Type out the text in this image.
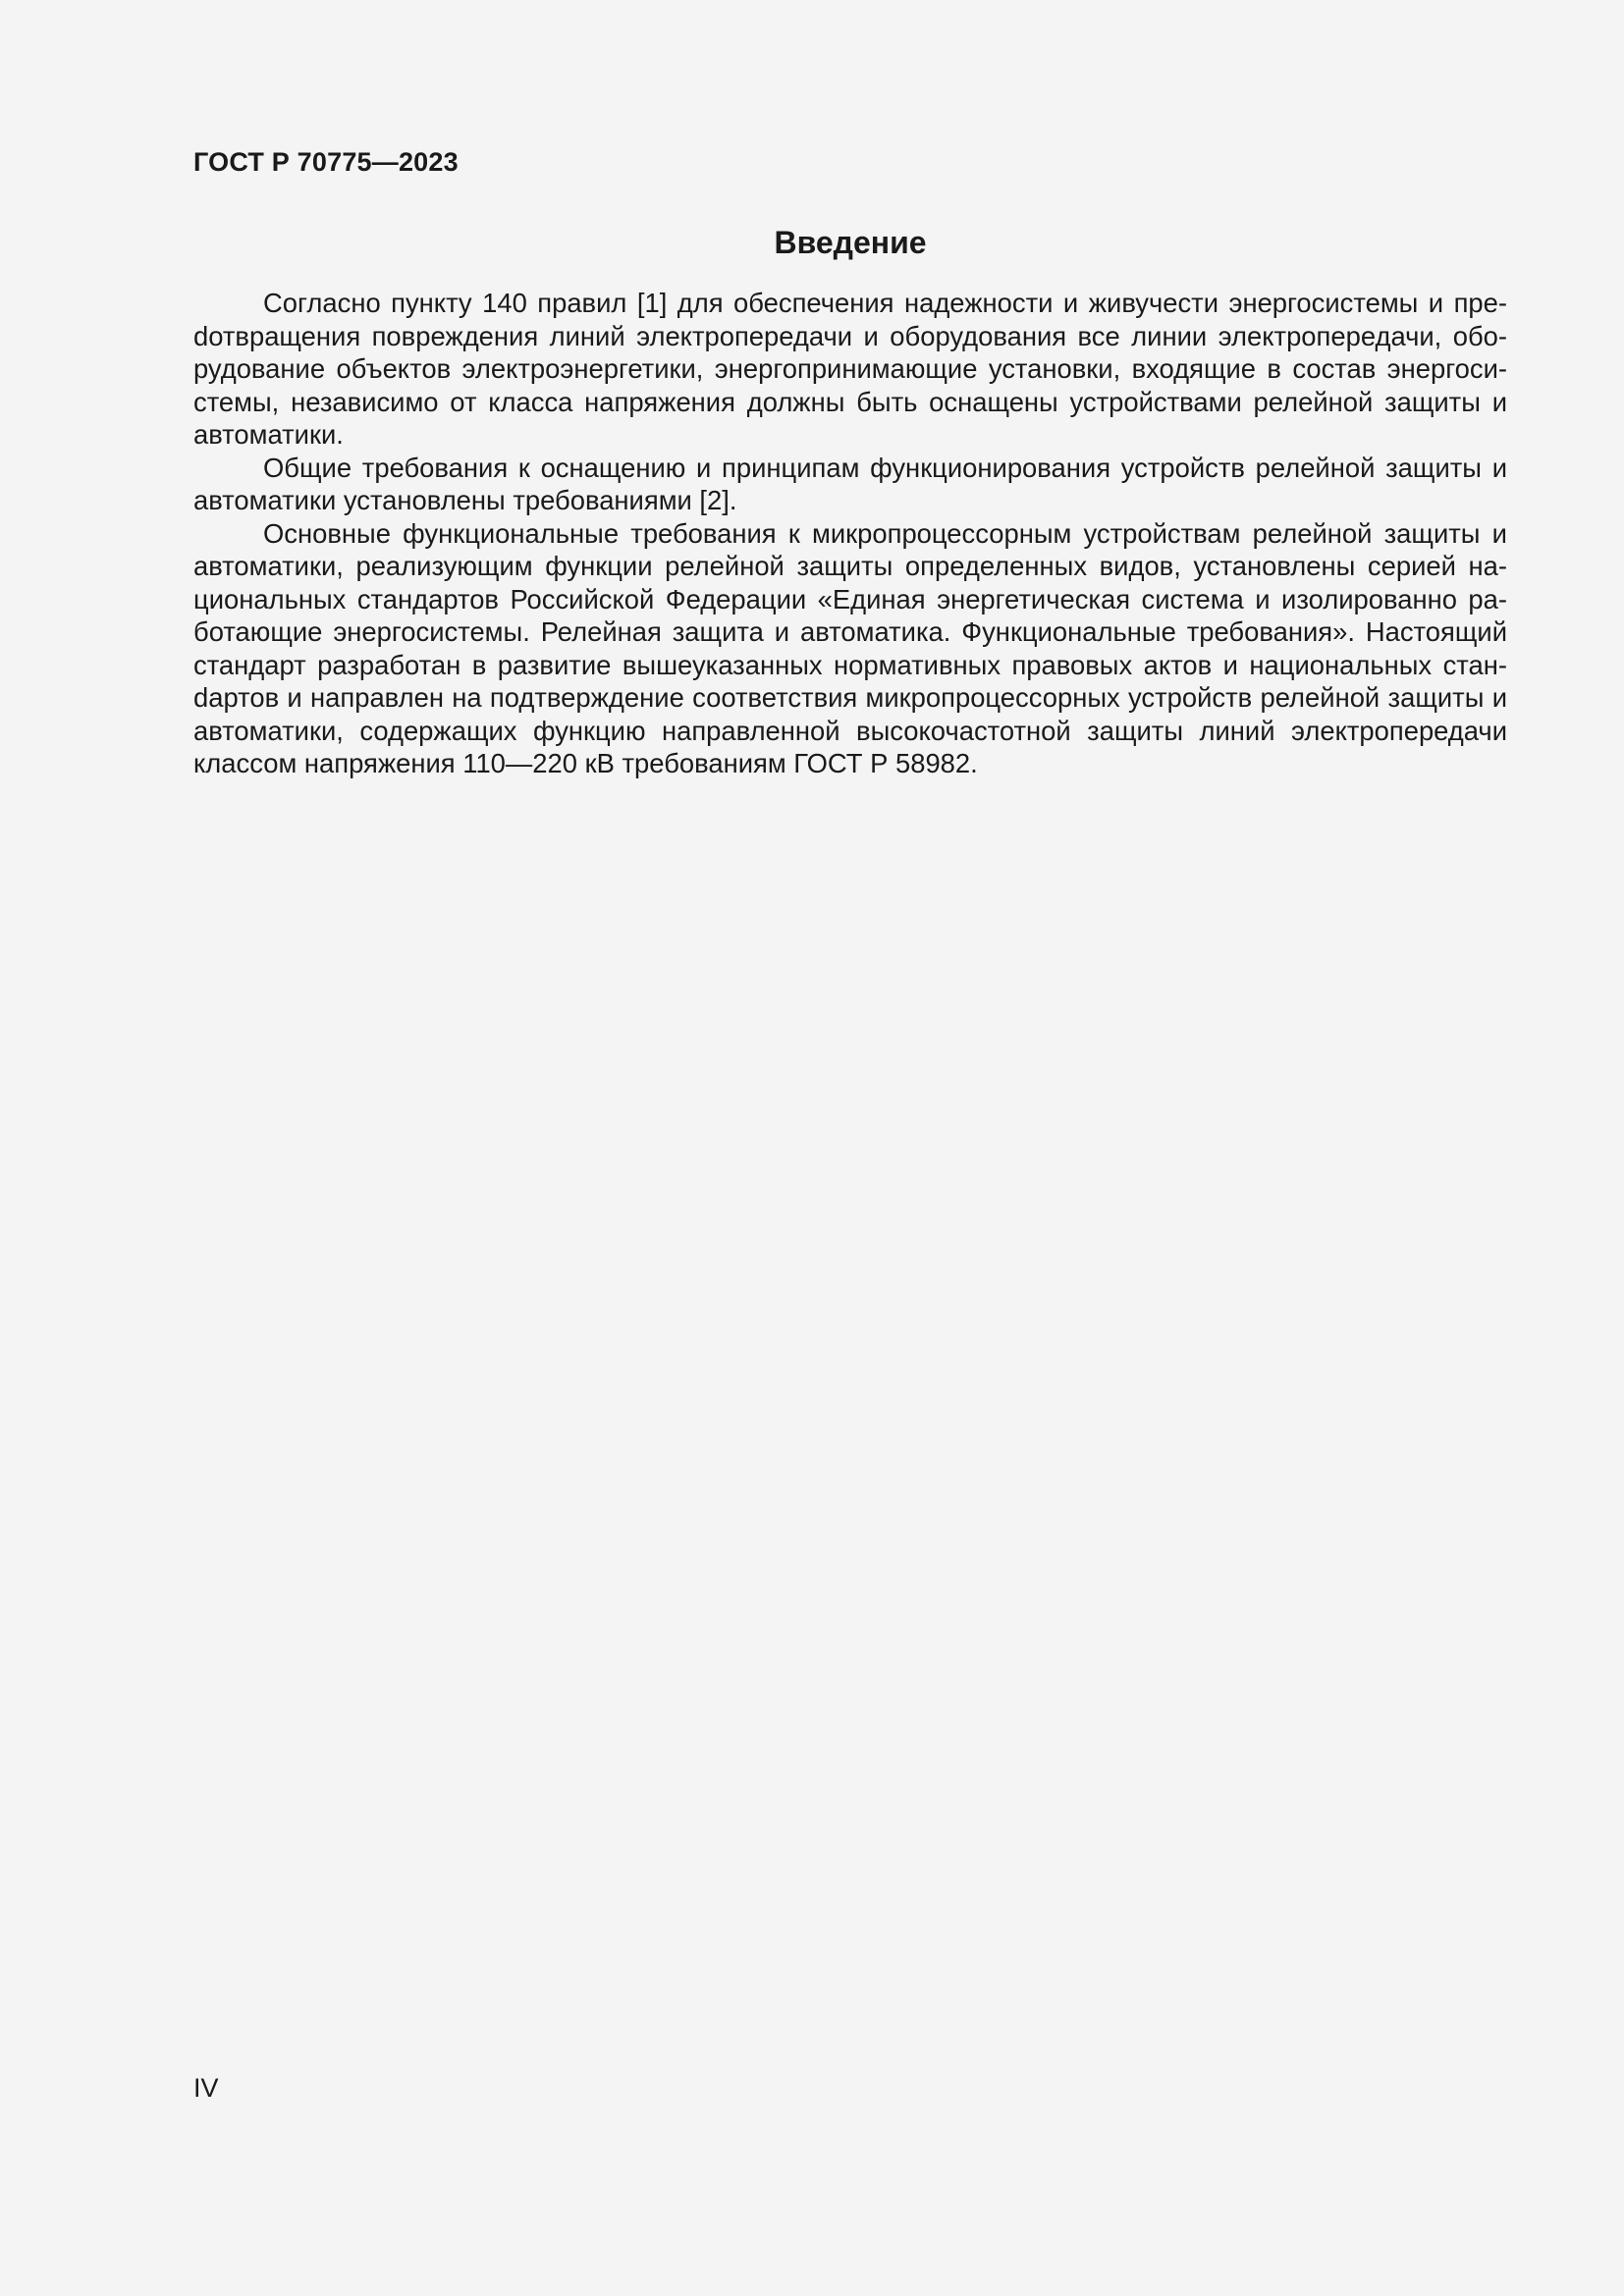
ГОСТ Р 70775—2023
Введение

Согласно пункту 140 правил [1] для обеспечения надежности и живучести энергосистемы и преdотвращения повреждения линий электропередачи и оборудования все линии электропередачи, оборудование объектов электроэнергетики, энергопринимающие установки, входящие в состав энергосистемы, независимо от класса напряжения должны быть оснащены устройствами релейной защиты и автоматики.

Общие требования к оснащению и принципам функционирования устройств релейной защиты и автоматики установлены требованиями [2].

Основные функциональные требования к микропроцессорным устройствам релейной защиты и автоматики, реализующим функции релейной защиты определенных видов, установлены серией национальных стандартов Российской Федерации «Единая энергетическая система и изолированно работающие энергосистемы. Релейная защита и автоматика. Функциональные требования». Настоящий стандарт разработан в развитие вышеуказанных нормативных правовых актов и национальных станdартов и направлен на подтверждение соответствия микропроцессорных устройств релейной защиты и автоматики, содержащих функцию направленной высокочастотной защиты линий электропередачи классом напряжения 110—220 кВ требованиям ГОСТ Р 58982.

IV
